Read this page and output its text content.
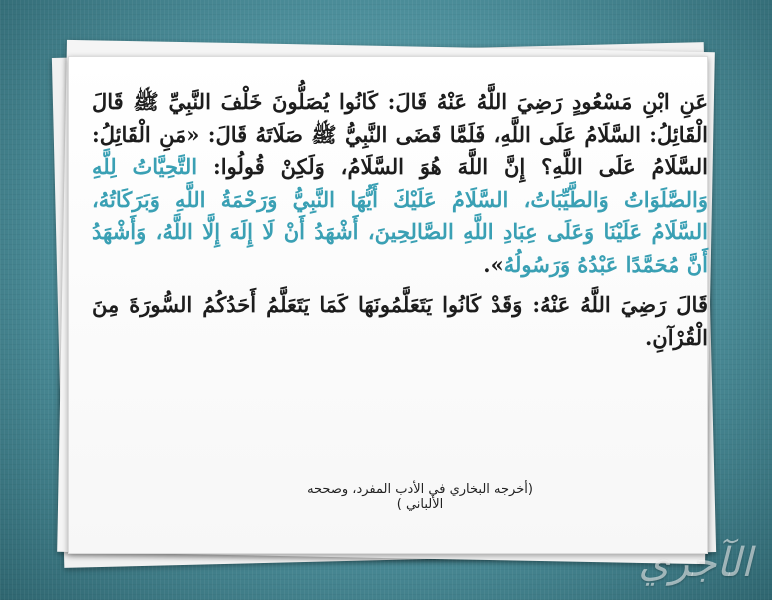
عَنِ ابْنِ مَسْعُودٍ رَضِيَ اللَّهُ عَنْهُ قَالَ: كَانُوا يُصَلُّونَ خَلْفَ النَّبِيِّ ﷺ قَالَ الْقَائِلُ: السَّلَامُ عَلَى اللَّهِ، فَلَمَّا قَضَى النَّبِيُّ ﷺ صَلَاتَهُ قَالَ: «مَنِ الْقَائِلُ: السَّلَامُ عَلَى اللَّهِ؟ إِنَّ اللَّهَ هُوَ السَّلَامُ، وَلَكِنْ قُولُوا: التَّحِيَّاتُ لِلَّهِ وَالصَّلَوَاتُ وَالطَّيِّبَاتُ، السَّلَامُ عَلَيْكَ أَيُّهَا النَّبِيُّ وَرَحْمَةُ اللَّهِ وَبَرَكَاتُهُ، السَّلَامُ عَلَيْنَا وَعَلَى عِبَادِ اللَّهِ الصَّالِحِينَ، أَشْهَدُ أَنْ لَا إِلَهَ إِلَّا اللَّهُ، وَأَشْهَدُ أَنَّ مُحَمَّدًا عَبْدُهُ وَرَسُولُهُ».

قَالَ رَضِيَ اللَّهُ عَنْهُ: وَقَدْ كَانُوا يَتَعَلَّمُونَهَا كَمَا يَتَعَلَّمُ أَحَدُكُمُ السُّورَةَ مِنَ الْقُرْآنِ.

(أخرجه البخاري في الأدب المفرد، وصححه الألباني )
الآجري
